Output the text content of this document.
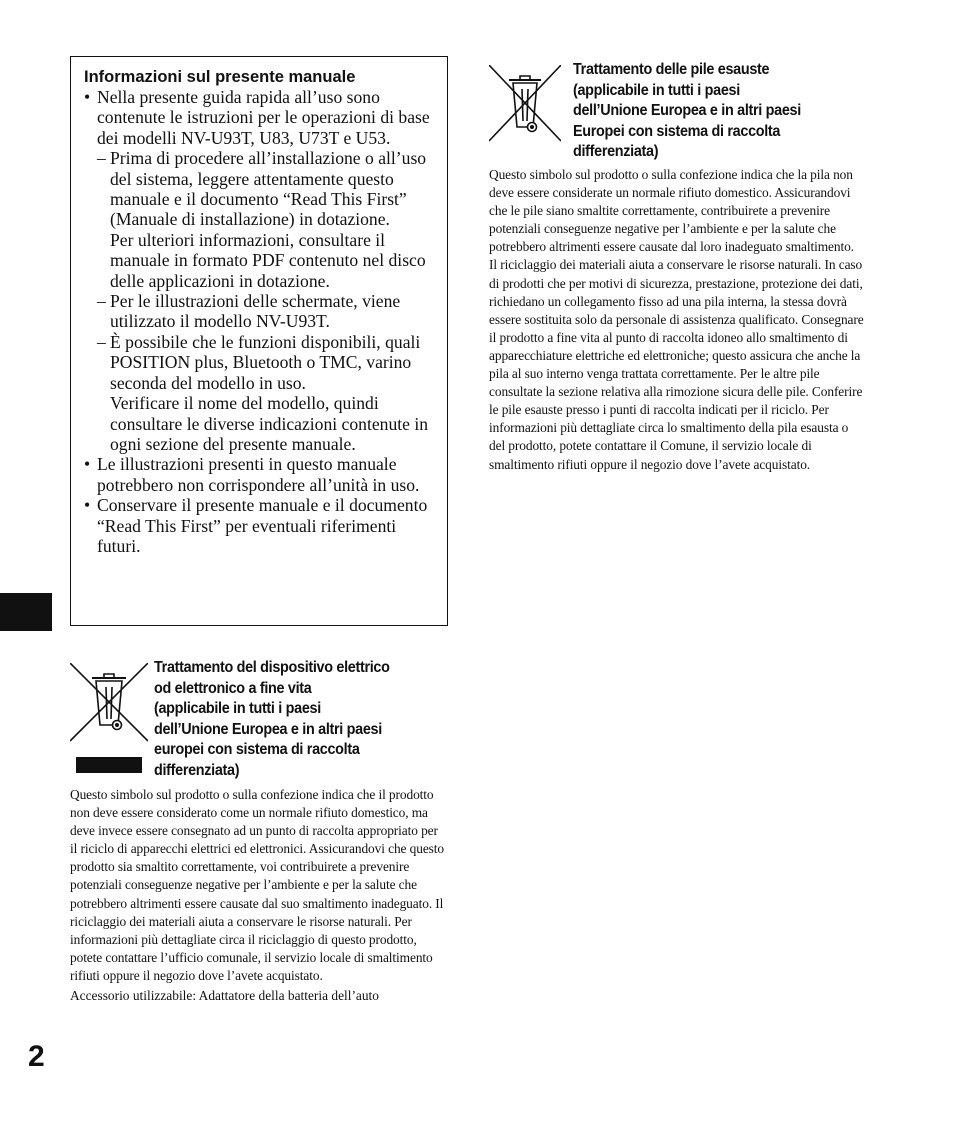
Informazioni sul presente manuale
• Nella presente guida rapida all’uso sono contenute le istruzioni per le operazioni di base dei modelli NV-U93T, U83, U73T e U53.

– Prima di procedere all’installazione o all’uso del sistema, leggere attentamente questo manuale e il documento “Read This First” (Manuale di installazione) in dotazione.

Per ulteriori informazioni, consultare il manuale in formato PDF contenuto nel disco delle applicazioni in dotazione.

– Per le illustrazioni delle schermate, viene utilizzato il modello NV-U93T.

– È possibile che le funzioni disponibili, quali POSITION plus, Bluetooth o TMC, varino seconda del modello in uso.

Verificare il nome del modello, quindi consultare le diverse indicazioni contenute in ogni sezione del presente manuale.

• Le illustrazioni presenti in questo manuale potrebbero non corrispondere all’unità in uso.
• Conservare il presente manuale e il documento “Read This First” per eventuali riferimenti futuri.
Trattamento del dispositivo elettrico
od elettronico a fine vita
(applicabile in tutti i paesi
dell’Unione Europea e in altri paesi
europei con sistema di raccolta
differenziata)

Questo simbolo sul prodotto o sulla confezione indica che il prodotto non deve essere considerato come un normale rifiuto domestico, ma deve invece essere consegnato ad un punto di raccolta appropriato per il riciclo di apparecchi elettrici ed elettronici. Assicurandovi che questo prodotto sia smaltito correttamente, voi contribuirete a prevenire potenziali conseguenze negative per l’ambiente e per la salute che potrebbero altrimenti essere causate dal suo smaltimento inadeguato. Il riciclaggio dei materiali aiuta a conservare le risorse naturali. Per informazioni più dettagliate circa il riciclaggio di questo prodotto, potete contattare l’ufficio comunale, il servizio locale di smaltimento rifiuti oppure il negozio dove l’avete acquistato.

Accessorio utilizzabile: Adattatore della batteria dell’auto

Trattamento delle pile esauste
(applicabile in tutti i paesi
dell’Unione Europea e in altri paesi
Europei con sistema di raccolta
differenziata)

Questo simbolo sul prodotto o sulla confezione indica che la pila non deve essere considerate un normale rifiuto domestico. Assicurandovi che le pile siano smaltite correttamente, contribuirete a prevenire potenziali conseguenze negative per l’ambiente e per la salute che potrebbero altrimenti essere causate dal loro inadeguato smaltimento. Il riciclaggio dei materiali aiuta a conservare le risorse naturali. In caso di prodotti che per motivi di sicurezza, prestazione, protezione dei dati, richiedano un collegamento fisso ad una pila interna, la stessa dovrà essere sostituita solo da personale di assistenza qualificato. Consegnare il prodotto a fine vita al punto di raccolta idoneo allo smaltimento di apparecchiature elettriche ed elettroniche; questo assicura che anche la pila al suo interno venga trattata correttamente. Per le altre pile consultate la sezione relativa alla rimozione sicura delle pile. Conferire le pile esauste presso i punti di raccolta indicati per il riciclo. Per informazioni più dettagliate circa lo smaltimento della pila esausta o del prodotto, potete contattare il Comune, il servizio locale di smaltimento rifiuti oppure il negozio dove l’avete acquistato.

2
